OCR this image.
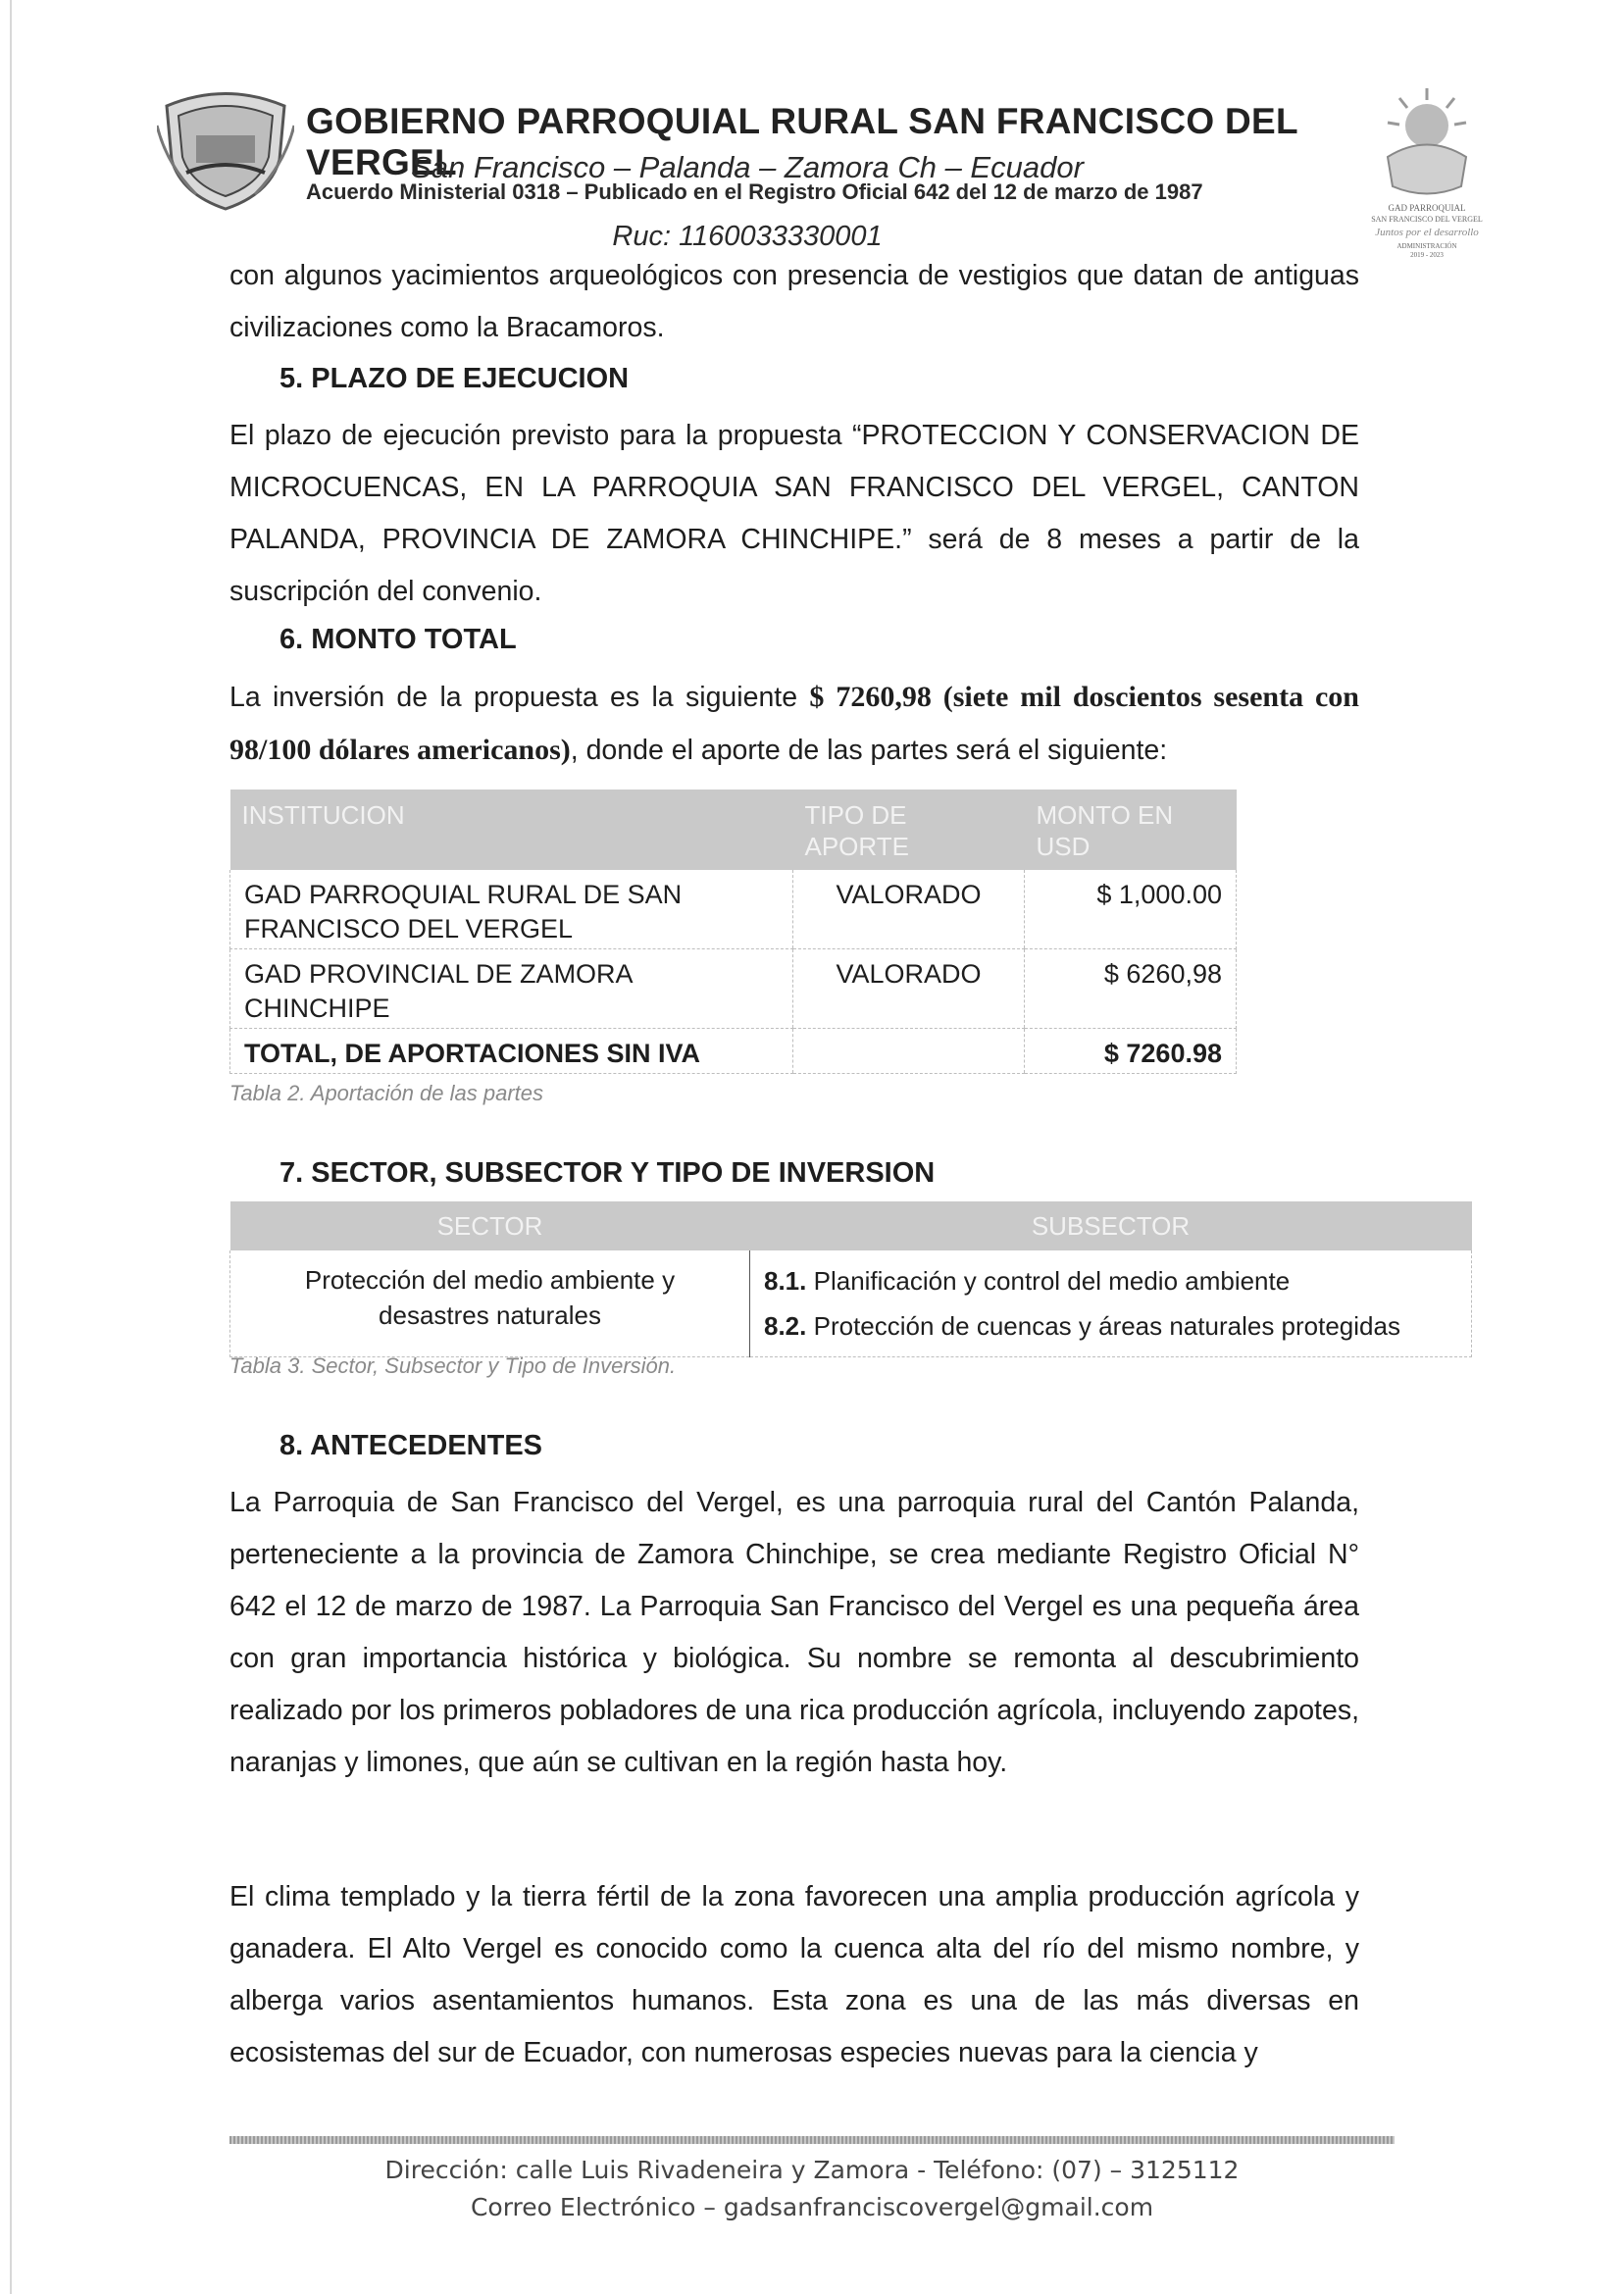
GOBIERNO PARROQUIAL RURAL SAN FRANCISCO DEL VERGEL
San Francisco – Palanda – Zamora Ch – Ecuador
Acuerdo Ministerial 0318 – Publicado en el Registro Oficial 642 del 12 de marzo de 1987
Ruc: 1160033330001
GAD PARROQUIAL
SAN FRANCISCO DEL VERGEL
Juntos por el desarrollo
ADMINISTRACIÓN
2019 - 2023
con algunos yacimientos arqueológicos con presencia de vestigios que datan de antiguas civilizaciones como la Bracamoros.
5. PLAZO DE EJECUCION
El plazo de ejecución previsto para la propuesta “PROTECCION Y CONSERVACION DE MICROCUENCAS, EN LA PARROQUIA SAN FRANCISCO DEL VERGEL, CANTON PALANDA, PROVINCIA DE ZAMORA CHINCHIPE.” será de 8 meses a partir de la suscripción del convenio.
6. MONTO TOTAL
La inversión de la propuesta es la siguiente $ 7260,98 (siete mil doscientos sesenta con 98/100 dólares americanos), donde el aporte de las partes será el siguiente:
INSTITUCION	TIPO DE APORTE	MONTO EN USD
GAD PARROQUIAL RURAL DE SAN FRANCISCO DEL VERGEL	VALORADO	$ 1,000.00
GAD PROVINCIAL DE ZAMORA CHINCHIPE	VALORADO	$ 6260,98
TOTAL, DE APORTACIONES SIN IVA		$ 7260.98
Tabla 2. Aportación de las partes
7. SECTOR, SUBSECTOR Y TIPO DE INVERSION
SECTOR	SUBSECTOR
Protección del medio ambiente y desastres naturales	8.1. Planificación y control del medio ambiente
8.2. Protección de cuencas y áreas naturales protegidas
Tabla 3. Sector, Subsector y Tipo de Inversión.
8. ANTECEDENTES
La Parroquia de San Francisco del Vergel, es una parroquia rural del Cantón Palanda, perteneciente a la provincia de Zamora Chinchipe, se crea mediante Registro Oficial N° 642 el 12 de marzo de 1987. La Parroquia San Francisco del Vergel es una pequeña área con gran importancia histórica y biológica. Su nombre se remonta al descubrimiento realizado por los primeros pobladores de una rica producción agrícola, incluyendo zapotes, naranjas y limones, que aún se cultivan en la región hasta hoy.
El clima templado y la tierra fértil de la zona favorecen una amplia producción agrícola y ganadera. El Alto Vergel es conocido como la cuenca alta del río del mismo nombre, y alberga varios asentamientos humanos. Esta zona es una de las más diversas en ecosistemas del sur de Ecuador, con numerosas especies nuevas para la ciencia y
Dirección: calle Luis Rivadeneira y Zamora - Teléfono: (07) – 3125112
Correo Electrónico – gadsanfranciscovergel@gmail.com
